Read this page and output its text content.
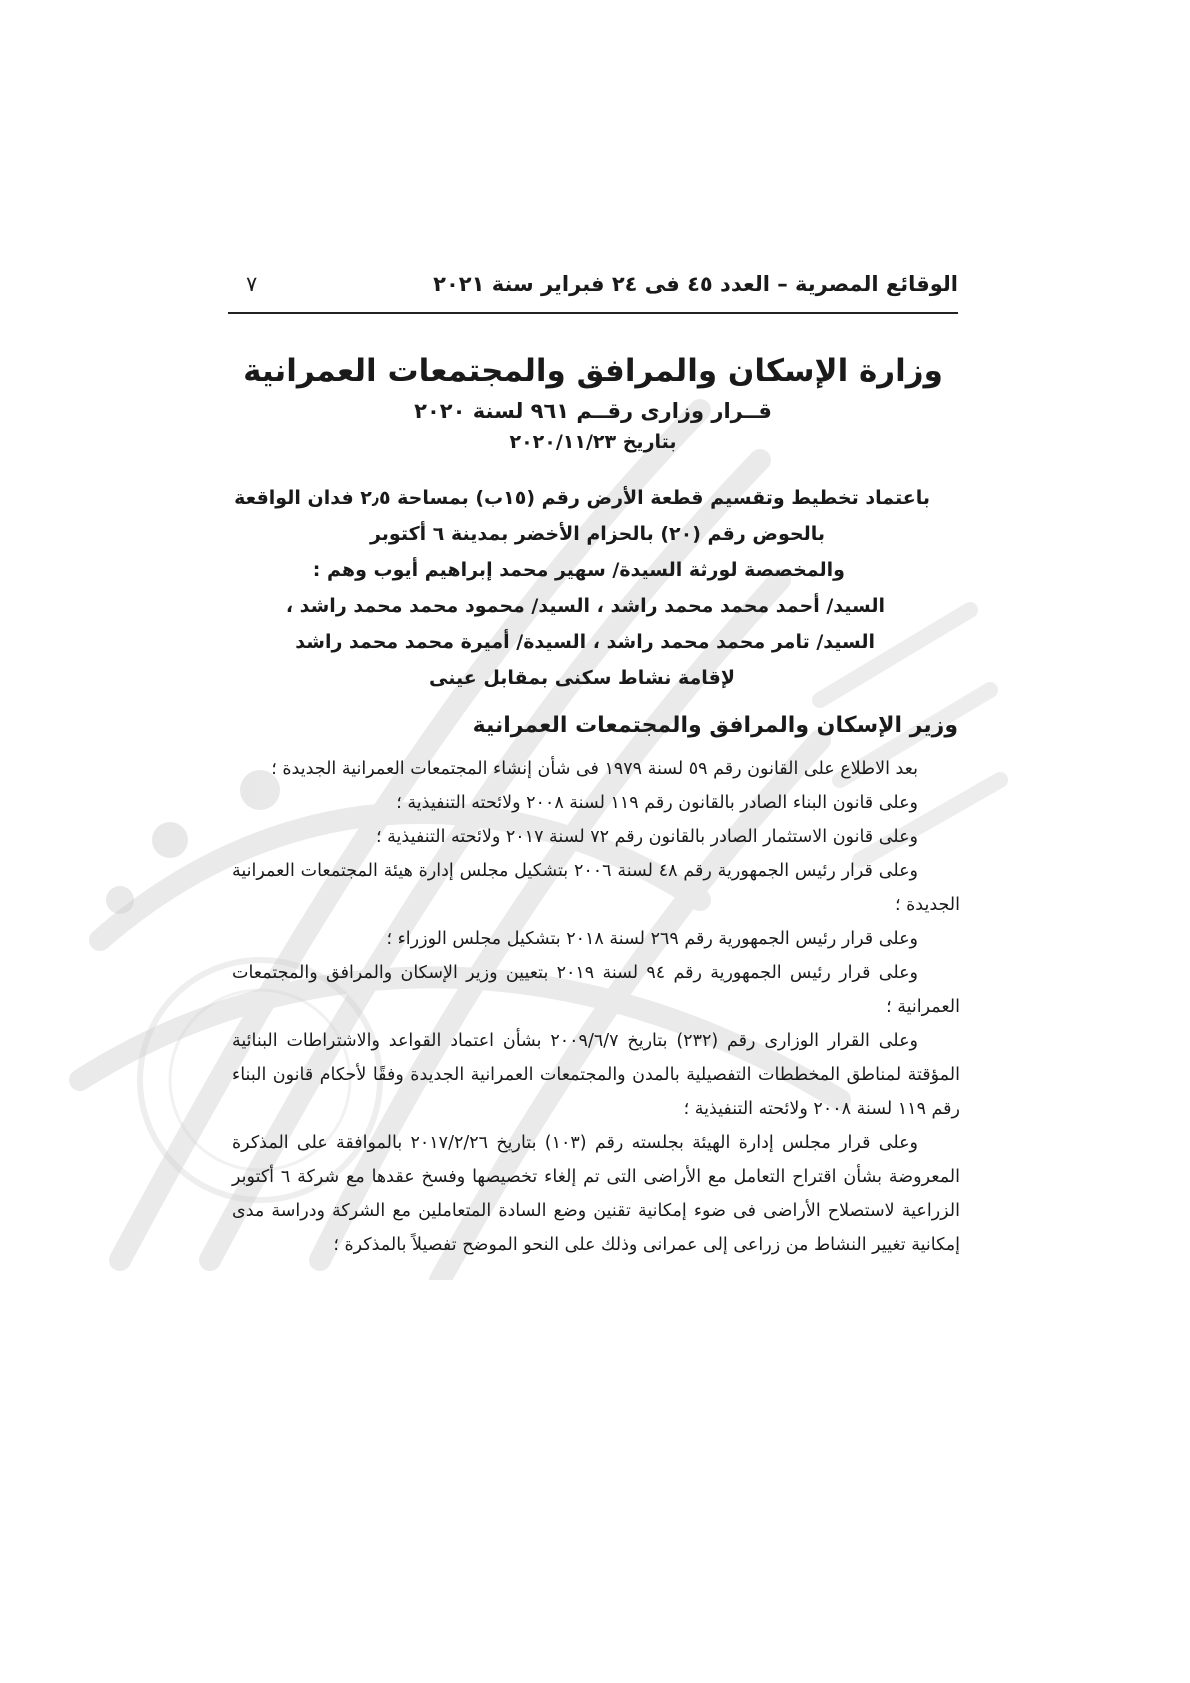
الوقائع المصرية – العدد ٤٥ فى ٢٤ فبراير سنة ٢٠٢١
٧
وزارة الإسكان والمرافق والمجتمعات العمرانية
قــرار وزارى رقــم ٩٦١ لسنة ٢٠٢٠
بتاريخ ٢٠٢٠/١١/٢٣

باعتماد تخطيط وتقسيم قطعة الأرض رقم (١٥ب) بمساحة ٢٫٥ فدان الواقعة

بالحوض رقم (٢٠) بالحزام الأخضر بمدينة ٦ أكتوبر

والمخصصة لورثة السيدة/ سهير محمد إبراهيم أيوب وهم :

السيد/ أحمد محمد محمد راشد ، السيد/ محمود محمد محمد راشد ،

السيد/ تامر محمد محمد راشد ، السيدة/ أميرة محمد محمد راشد

لإقامة نشاط سكنى بمقابل عينى

وزير الإسكان والمرافق والمجتمعات العمرانية

بعد الاطلاع على القانون رقم ٥٩ لسنة ١٩٧٩ فى شأن إنشاء المجتمعات العمرانية الجديدة ؛

وعلى قانون البناء الصادر بالقانون رقم ١١٩ لسنة ٢٠٠٨ ولائحته التنفيذية ؛

وعلى قانون الاستثمار الصادر بالقانون رقم ٧٢ لسنة ٢٠١٧ ولائحته التنفيذية ؛

وعلى قرار رئيس الجمهورية رقم ٤٨ لسنة ٢٠٠٦ بتشكيل مجلس إدارة هيئة المجتمعات العمرانية الجديدة ؛

وعلى قرار رئيس الجمهورية رقم ٢٦٩ لسنة ٢٠١٨ بتشكيل مجلس الوزراء ؛

وعلى قرار رئيس الجمهورية رقم ٩٤ لسنة ٢٠١٩ بتعيين وزير الإسكان والمرافق والمجتمعات العمرانية ؛

وعلى القرار الوزارى رقم (٢٣٢) بتاريخ ٢٠٠٩/٦/٧ بشأن اعتماد القواعد والاشتراطات البنائية المؤقتة لمناطق المخططات التفصيلية بالمدن والمجتمعات العمرانية الجديدة وفقًا لأحكام قانون البناء رقم ١١٩ لسنة ٢٠٠٨ ولائحته التنفيذية ؛

وعلى قرار مجلس إدارة الهيئة بجلسته رقم (١٠٣) بتاريخ ٢٠١٧/٢/٢٦ بالموافقة على المذكرة المعروضة بشأن اقتراح التعامل مع الأراضى التى تم إلغاء تخصيصها وفسخ عقدها مع شركة ٦ أكتوبر الزراعية لاستصلاح الأراضى فى ضوء إمكانية تقنين وضع السادة المتعاملين مع الشركة ودراسة مدى إمكانية تغيير النشاط من زراعى إلى عمرانى وذلك على النحو الموضح تفصيلاً بالمذكرة ؛
